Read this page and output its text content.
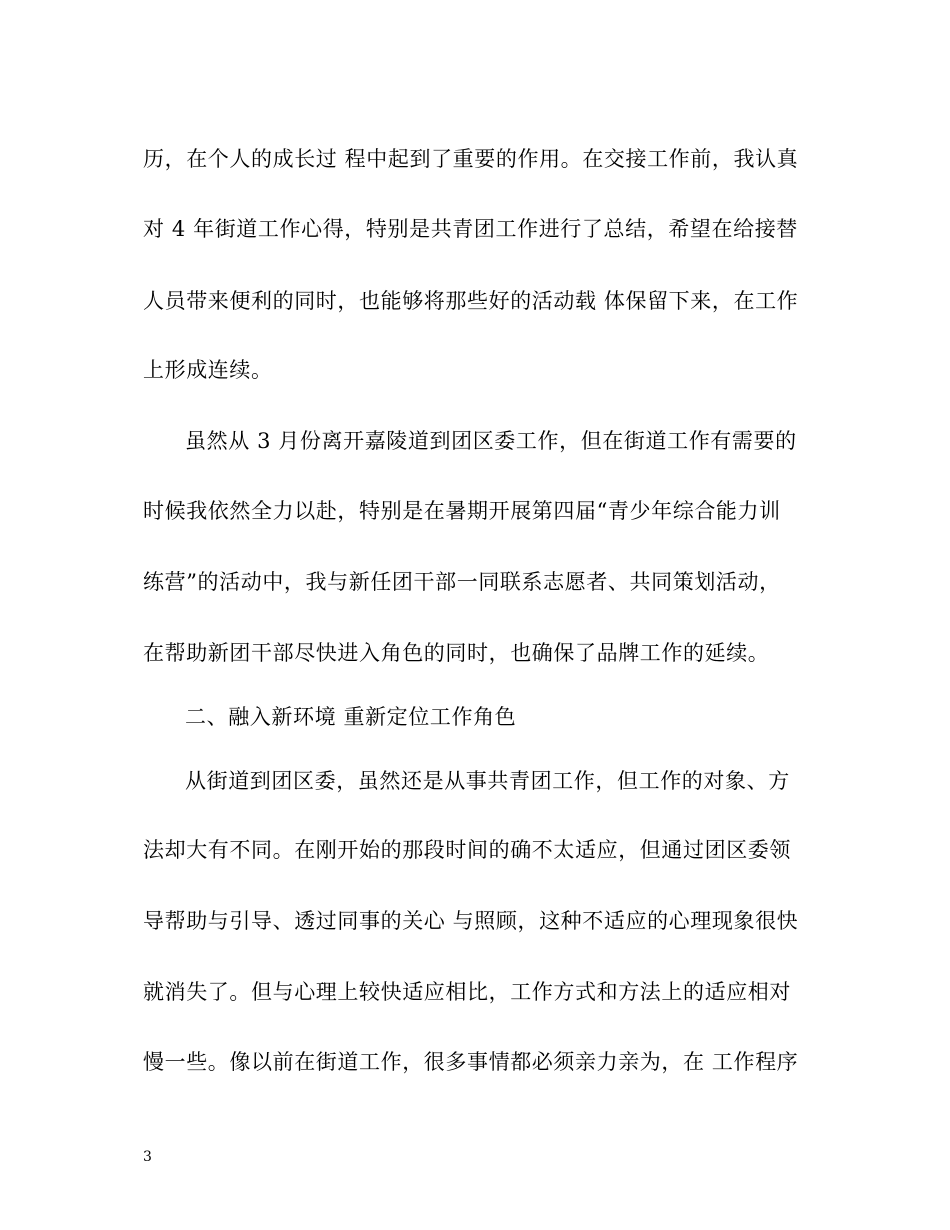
历，在个人的成长过 程中起到了重要的作用。在交接工作前，我认真
对 4 年街道工作心得，特别是共青团工作进行了总结，希望在给接替
人员带来便利的同时，也能够将那些好的活动载 体保留下来，在工作
上形成连续。
虽然从 3 月份离开嘉陵道到团区委工作，但在街道工作有需要的
时候我依然全力以赴，特别是在暑期开展第四届“青少年综合能力训
练营”的活动中，我与新任团干部一同联系志愿者、共同策划活动，
在帮助新团干部尽快进入角色的同时，也确保了品牌工作的延续。
二、融入新环境 重新定位工作角色
从街道到团区委，虽然还是从事共青团工作，但工作的对象、方
法却大有不同。在刚开始的那段时间的确不太适应，但通过团区委领
导帮助与引导、透过同事的关心 与照顾，这种不适应的心理现象很快
就消失了。但与心理上较快适应相比，工作方式和方法上的适应相对
慢一些。像以前在街道工作，很多事情都必须亲力亲为，在 工作程序
3
